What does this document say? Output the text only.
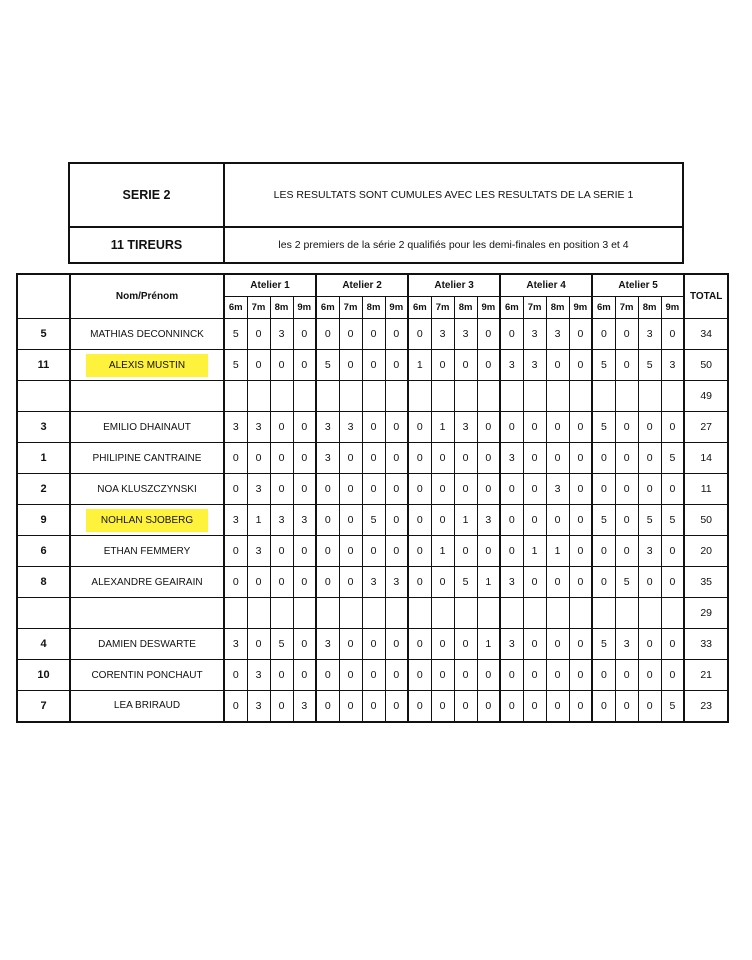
SERIE 2	LES RESULTATS SONT CUMULES AVEC LES RESULTATS DE LA SERIE 1
11 TIREURS	les 2 premiers de la série 2 qualifiés pour les demi-finales en position 3 et 4
	Nom/Prénom	Atelier 1				Atelier 2				Atelier 3				Atelier 4				Atelier 5				TOTAL
		6m	7m	8m	9m	6m	7m	8m	9m	6m	7m	8m	9m	6m	7m	8m	9m	6m	7m	8m	9m	
5	MATHIAS DECONNINCK	5	0	3	0	0	0	0	0	0	3	3	0	0	3	3	0	0	0	3	0	34
11	ALEXIS MUSTIN	5	0	0	0	5	0	0	0	1	0	0	0	3	3	0	0	5	0	5	3	50
																						49
3	EMILIO DHAINAUT	3	3	0	0	3	3	0	0	0	1	3	0	0	0	0	0	5	0	0	0	27
1	PHILIPINE CANTRAINE	0	0	0	0	3	0	0	0	0	0	0	0	3	0	0	0	0	0	0	5	14
2	NOA KLUSZCZYNSKI	0	3	0	0	0	0	0	0	0	0	0	0	0	0	3	0	0	0	0	0	11
9	NOHLAN SJOBERG	3	1	3	3	0	0	5	0	0	0	1	3	0	0	0	0	5	0	5	5	50
6	ETHAN FEMMERY	0	3	0	0	0	0	0	0	0	1	0	0	0	1	1	0	0	0	3	0	20
8	ALEXANDRE GEAIRAIN	0	0	0	0	0	0	3	3	0	0	5	1	3	0	0	0	0	5	0	0	35
																						29
4	DAMIEN DESWARTE	3	0	5	0	3	0	0	0	0	0	0	1	3	0	0	0	5	3	0	0	33
10	CORENTIN PONCHAUT	0	3	0	0	0	0	0	0	0	0	0	0	0	0	0	0	0	0	0	0	21
7	LEA BRIRAUD	0	3	0	3	0	0	0	0	0	0	0	0	0	0	0	0	0	0	0	5	23
